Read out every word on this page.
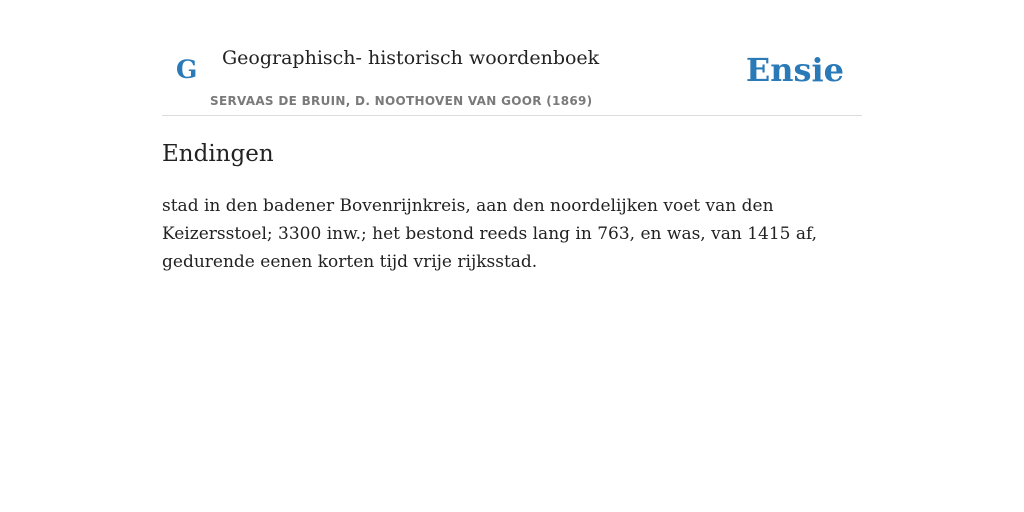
G Geographisch- historisch woordenboek
SERVAAS DE BRUIN, D. NOOTHOVEN VAN GOOR (1869)
Ensie
Endingen

stad in den badener Bovenrijnkreis, aan den noordelijken voet van den Keizersstoel; 3300 inw.; het bestond reeds lang in 763, en was, van 1415 af, gedurende eenen korten tijd vrije rijksstad.
